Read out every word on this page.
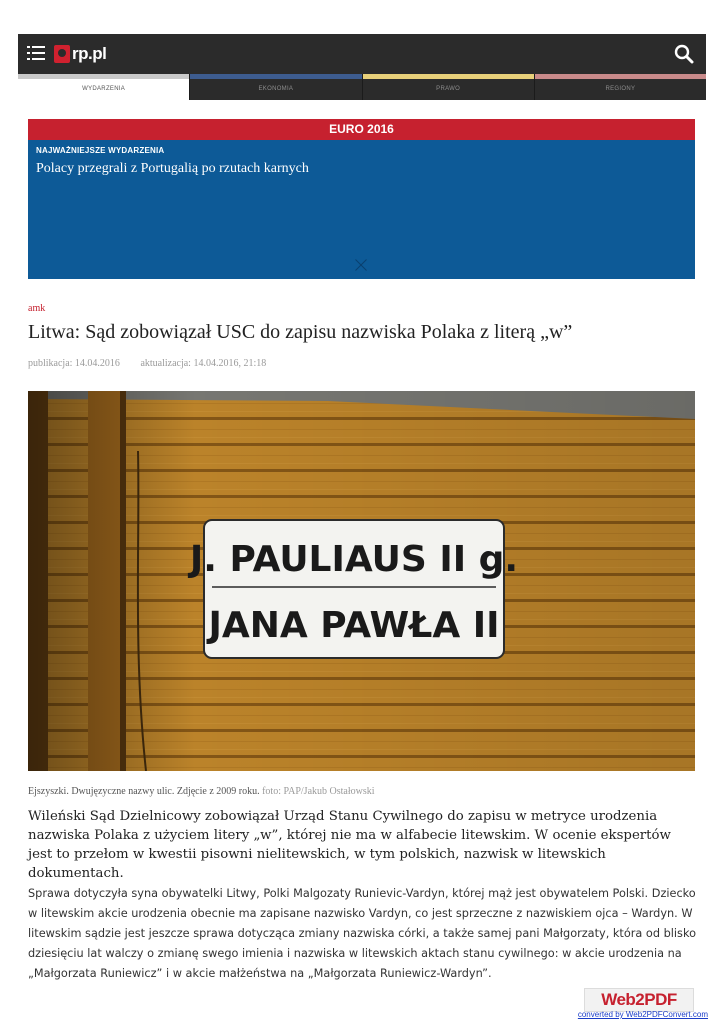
rp.pl
WYDARZENIA	EKONOMIA	PRAWO	REGIONY
EURO 2016
NAJWAŻNIEJSZE WYDARZENIA
Polacy przegrali z Portugalią po rzutach karnych
amk
Litwa: Sąd zobowiązał USC do zapisu nazwiska Polaka z literą „w”
publikacja: 14.04.2016 aktualizacja: 14.04.2016, 21:18
J. PAULIAUS II g.
JANA PAWŁA II
Ejszyszki. Dwujęzyczne nazwy ulic. Zdjęcie z 2009 roku. foto: PAP/Jakub Ostałowski
Wileński Sąd Dzielnicowy zobowiązał Urząd Stanu Cywilnego do zapisu w metryce urodzenia nazwiska Polaka z użyciem litery „w”, której nie ma w alfabecie litewskim. W ocenie ekspertów jest to przełom w kwestii pisowni nielitewskich, w tym polskich, nazwisk w litewskich dokumentach.
Sprawa dotyczyła syna obywatelki Litwy, Polki Malgozaty Runievic-Vardyn, której mąż jest obywatelem Polski. Dziecko w litewskim akcie urodzenia obecnie ma zapisane nazwisko Vardyn, co jest sprzeczne z nazwiskiem ojca – Wardyn. W litewskim sądzie jest jeszcze sprawa dotycząca zmiany nazwiska córki, a także samej pani Małgorzaty, która od blisko dziesięciu lat walczy o zmianę swego imienia i nazwiska w litewskich aktach stanu cywilnego: w akcie urodzenia na „Małgorzata Runiewicz” i w akcie małżeństwa na „Małgorzata Runiewicz-Wardyn”.
Web2PDF
converted by Web2PDFConvert.com
